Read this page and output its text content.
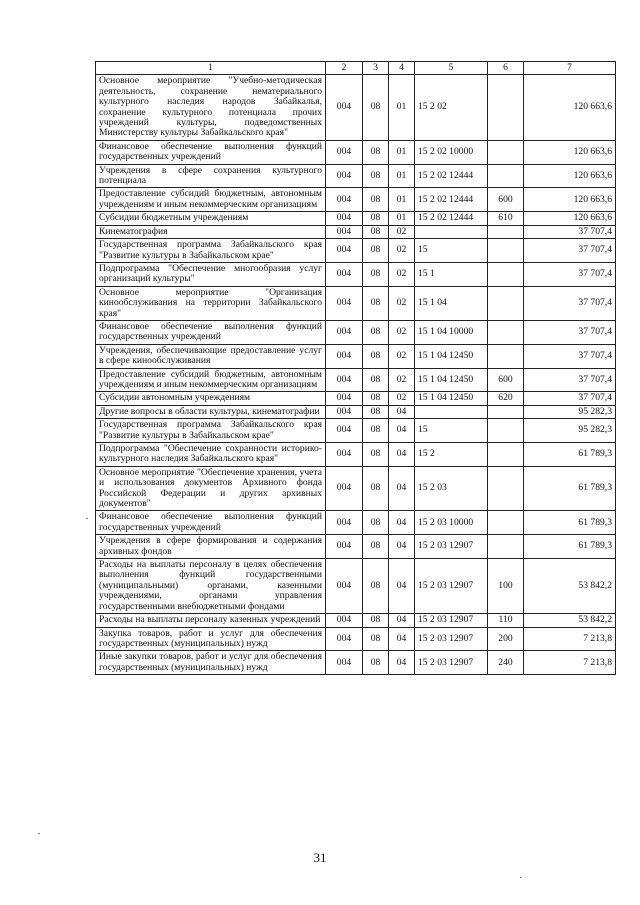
1	2	3	4	5	6	7
Основное мероприятие "Учебно-методическая деятельность, сохранение нематериального культурного наследия народов Забайкалья, сохранение культурного потенциала прочих учреждений культуры, подведомственных Министерству культуры Забайкальского края"	004	08	01	15 2 02		120 663,6
Финансовое обеспечение выполнения функций государственных учреждений	004	08	01	15 2 02 10000		120 663,6
Учреждения в сфере сохранения культурного потенциала	004	08	01	15 2 02 12444		120 663,6
Предоставление субсидий бюджетным, автономным учреждениям и иным некоммерческим организациям	004	08	01	15 2 02 12444	600	120 663,6
Субсидии бюджетным учреждениям	004	08	01	15 2 02 12444	610	120 663,6
Кинематография	004	08	02			37 707,4
Государственная программа Забайкальского края "Развитие культуры в Забайкальском крае"	004	08	02	15		37 707,4
Подпрограмма "Обеспечение многообразия услуг организаций культуры"	004	08	02	15 1		37 707,4
Основное мероприятие "Организация кинообслуживания на территории Забайкальского края"	004	08	02	15 1 04		37 707,4
Финансовое обеспечение выполнения функций государственных учреждений	004	08	02	15 1 04 10000		37 707,4
Учреждения, обеспечивающие предоставление услуг в сфере кинообслуживания	004	08	02	15 1 04 12450		37 707,4
Предоставление субсидий бюджетным, автономным учреждениям и иным некоммерческим организациям	004	08	02	15 1 04 12450	600	37 707,4
Субсидии автономным учреждениям	004	08	02	15 1 04 12450	620	37 707,4
Другие вопросы в области культуры, кинематографии	004	08	04			95 282,3
Государственная программа Забайкальского края "Развитие культуры в Забайкальском крае"	004	08	04	15		95 282,3
Подпрограмма "Обеспечение сохранности историко-культурного наследия Забайкальского края"	004	08	04	15 2		61 789,3
Основное мероприятие "Обеспечение хранения, учета и использования документов Архивного фонда Российской Федерации и других архивных документов"	004	08	04	15 2 03		61 789,3
Финансовое обеспечение выполнения функций государственных учреждений	004	08	04	15 2 03 10000		61 789,3
Учреждения в сфере формирования и содержания архивных фондов	004	08	04	15 2 03 12907		61 789,3
Расходы на выплаты персоналу в целях обеспечения выполнения функций государственными (муниципальными) органами, казенными учреждениями, органами управления государственными внебюджетными фондами	004	08	04	15 2 03 12907	100	53 842,2
Расходы на выплаты персоналу казенных учреждений	004	08	04	15 2 03 12907	110	53 842,2
Закупка товаров, работ и услуг для обеспечения государственных (муниципальных) нужд	004	08	04	15 2 03 12907	200	7 213,8
Иные закупки товаров, работ и услуг для обеспечения государственных (муниципальных) нужд	004	08	04	15 2 03 12907	240	7 213,8
31
